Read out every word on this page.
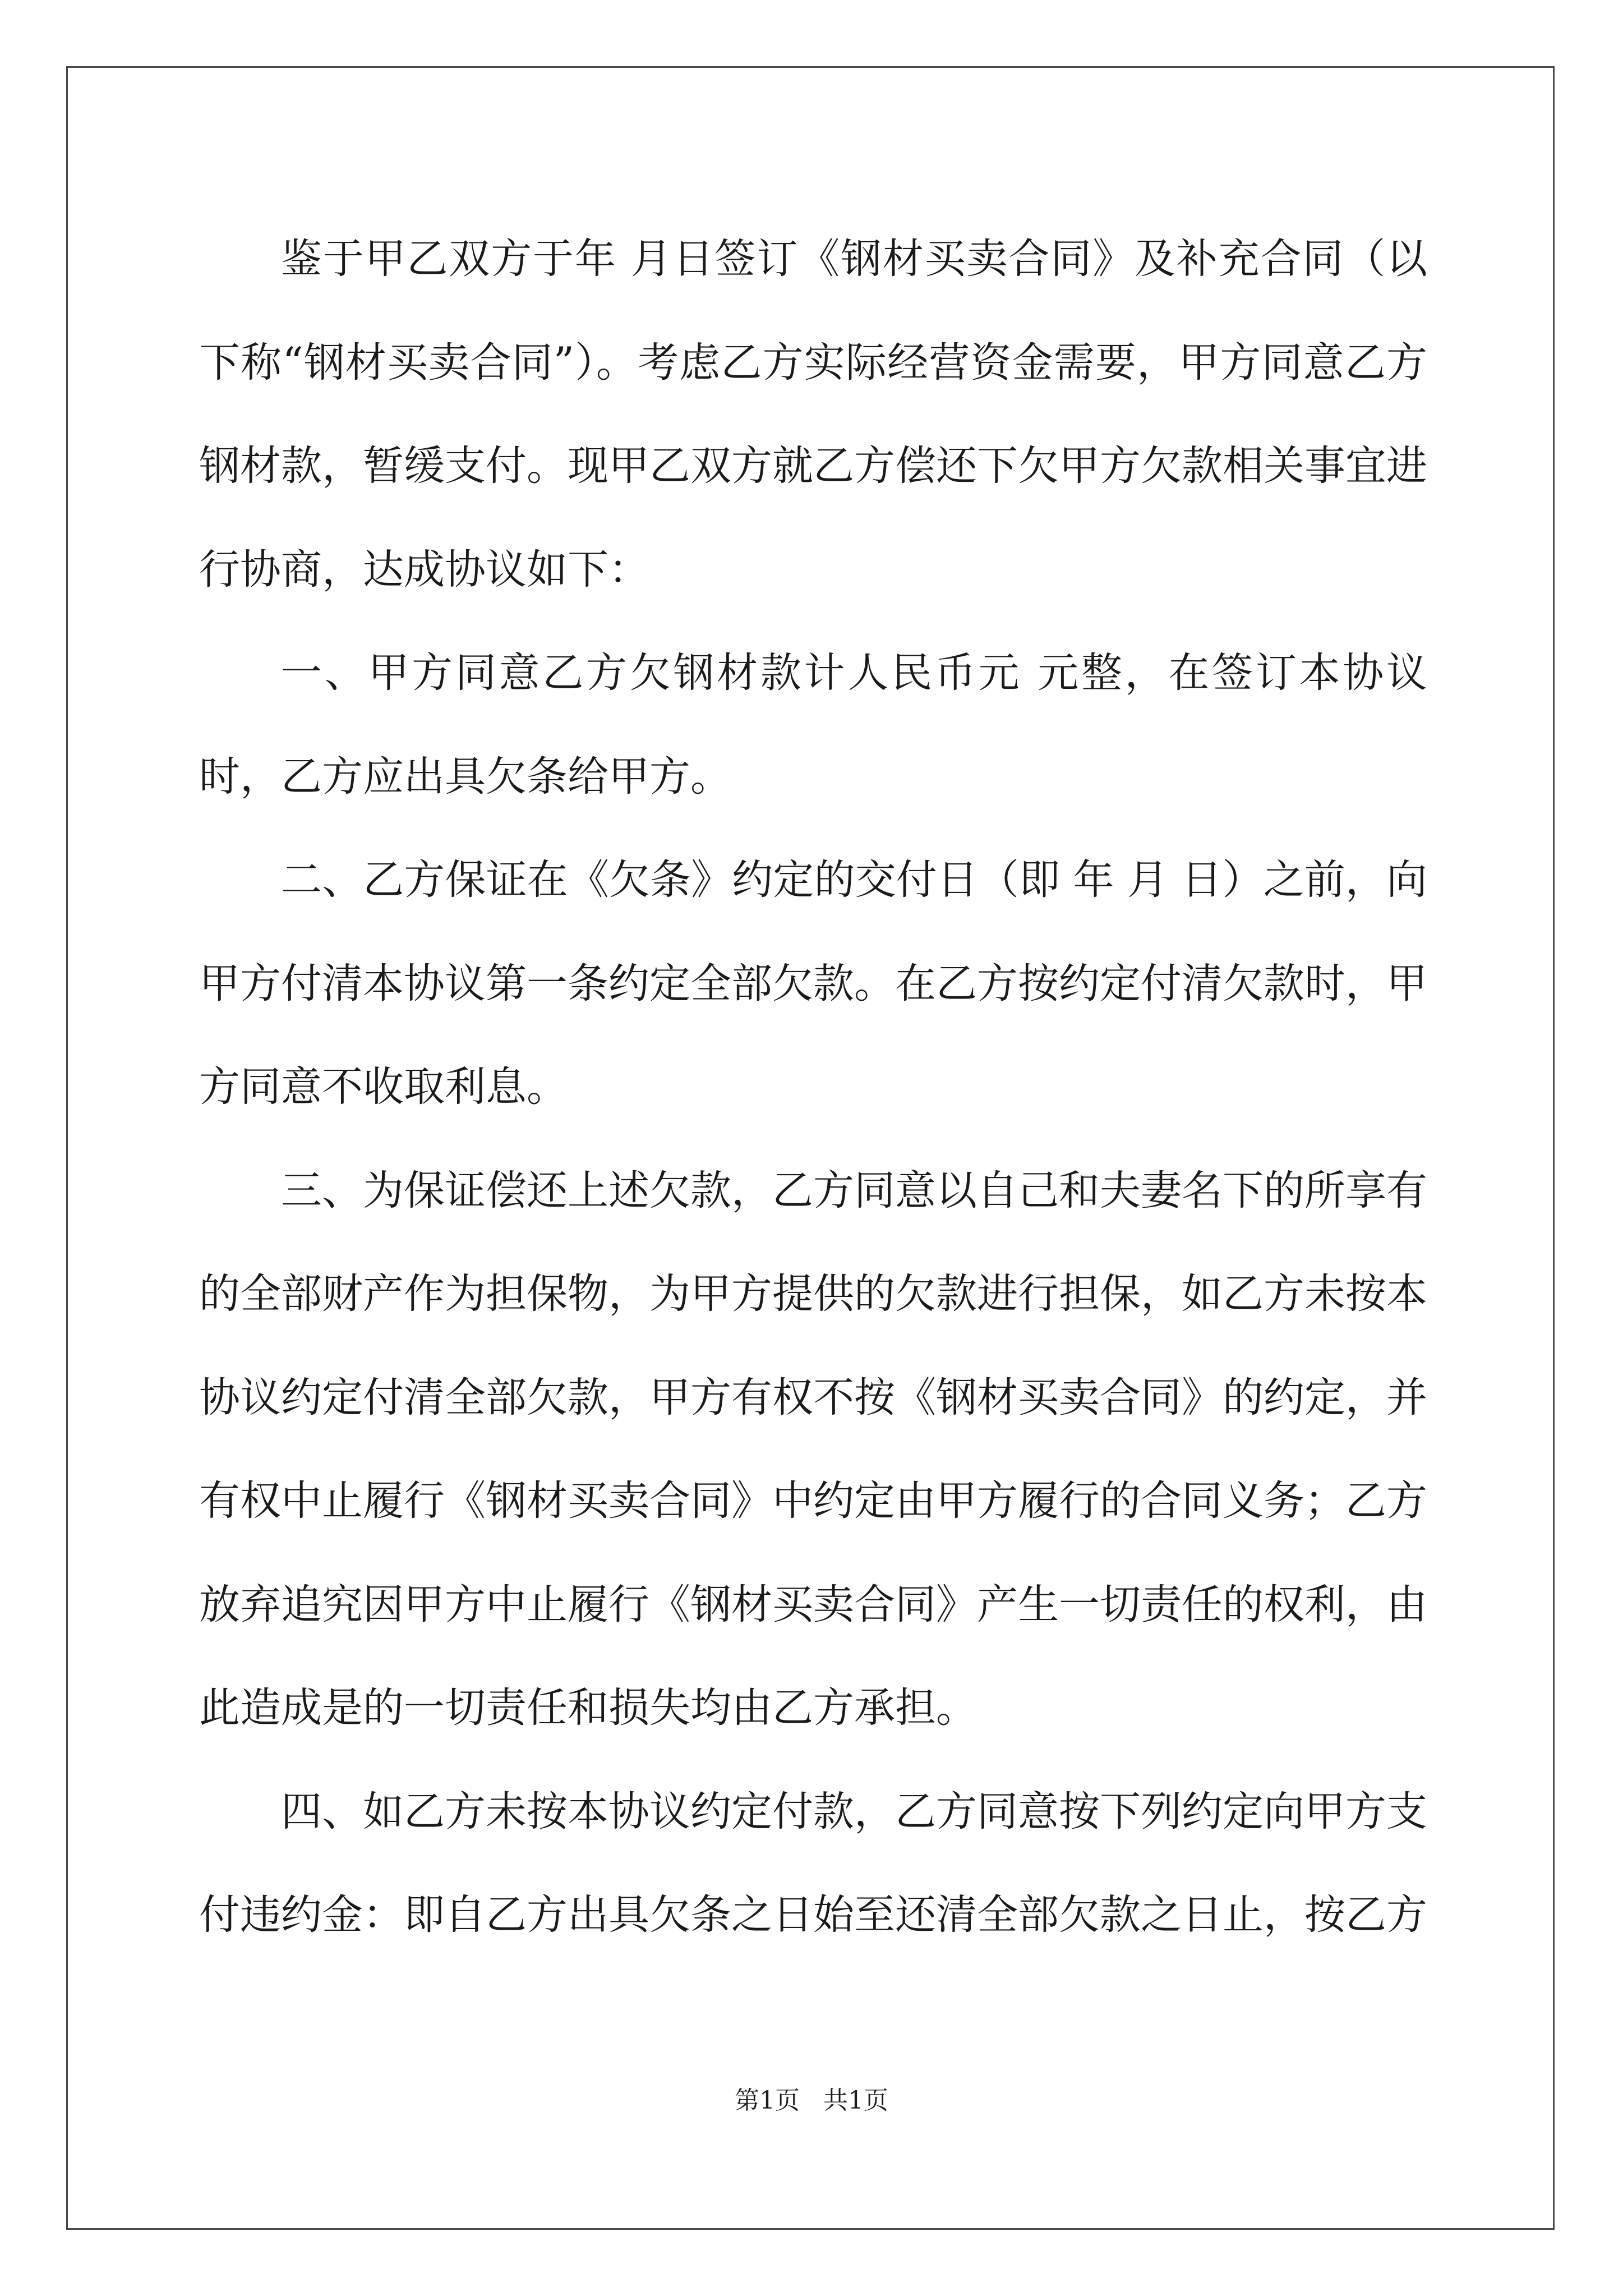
鉴于甲乙双方于年 月日签订《钢材买卖合同》及补充合同（以下称“钢材买卖合同”）。考虑乙方实际经营资金需要，甲方同意乙方钢材款，暂缓支付。现甲乙双方就乙方偿还下欠甲方欠款相关事宜进行协商，达成协议如下：

一、甲方同意乙方欠钢材款计人民币元 元整，在签订本协议时，乙方应出具欠条给甲方。

二、乙方保证在《欠条》约定的交付日（即 年 月 日）之前，向甲方付清本协议第一条约定全部欠款。在乙方按约定付清欠款时，甲方同意不收取利息。

三、为保证偿还上述欠款，乙方同意以自己和夫妻名下的所享有的全部财产作为担保物，为甲方提供的欠款进行担保，如乙方未按本协议约定付清全部欠款，甲方有权不按《钢材买卖合同》的约定，并有权中止履行《钢材买卖合同》中约定由甲方履行的合同义务；乙方放弃追究因甲方中止履行《钢材买卖合同》产生一切责任的权利，由此造成是的一切责任和损失均由乙方承担。

四、如乙方未按本协议约定付款，乙方同意按下列约定向甲方支付违约金：即自乙方出具欠条之日始至还清全部欠款之日止，按乙方

第1页 共1页
